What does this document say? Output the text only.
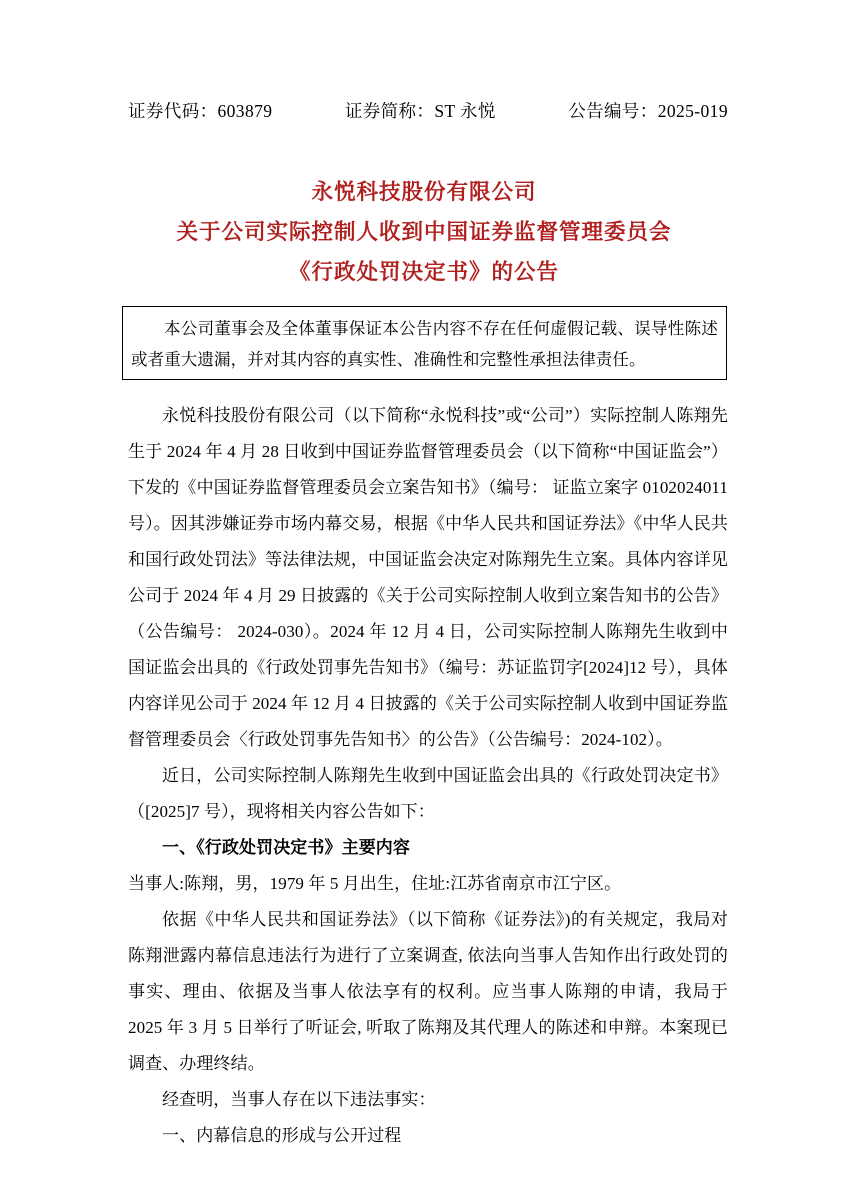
证券代码：603879	证券简称：ST 永悦	公告编号：2025-019
永悦科技股份有限公司
关于公司实际控制人收到中国证券监督管理委员会
《行政处罚决定书》的公告
本公司董事会及全体董事保证本公告内容不存在任何虚假记载、误导性陈述或者重大遗漏，并对其内容的真实性、准确性和完整性承担法律责任。

永悦科技股份有限公司（以下简称“永悦科技”或“公司”）实际控制人陈翔先生于 2024 年 4 月 28 日收到中国证券监督管理委员会（以下简称“中国证监会”）下发的《中国证券监督管理委员会立案告知书》（编号： 证监立案字 0102024011 号）。因其涉嫌证券市场内幕交易，根据《中华人民共和国证券法》《中华人民共和国行政处罚法》等法律法规，中国证监会决定对陈翔先生立案。具体内容详见公司于 2024 年 4 月 29 日披露的《关于公司实际控制人收到立案告知书的公告》（公告编号： 2024-030）。2024 年 12 月 4 日，公司实际控制人陈翔先生收到中国证监会出具的《行政处罚事先告知书》（编号：苏证监罚字[2024]12 号），具体内容详见公司于 2024 年 12 月 4 日披露的《关于公司实际控制人收到中国证券监督管理委员会〈行政处罚事先告知书〉的公告》（公告编号：2024-102）。

近日，公司实际控制人陈翔先生收到中国证监会出具的《行政处罚决定书》（[2025]7 号），现将相关内容公告如下：

一、《行政处罚决定书》主要内容

当事人:陈翔，男，1979 年 5 月出生，住址:江苏省南京市江宁区。

依据《中华人民共和国证券法》（以下简称《证券法》)的有关规定，我局对陈翔泄露内幕信息违法行为进行了立案调查, 依法向当事人告知作出行政处罚的事实、理由、依据及当事人依法享有的权利。应当事人陈翔的申请，我局于 2025 年 3 月 5 日举行了听证会, 听取了陈翔及其代理人的陈述和申辩。本案现已调查、办理终结。

经查明，当事人存在以下违法事实：

一、内幕信息的形成与公开过程
